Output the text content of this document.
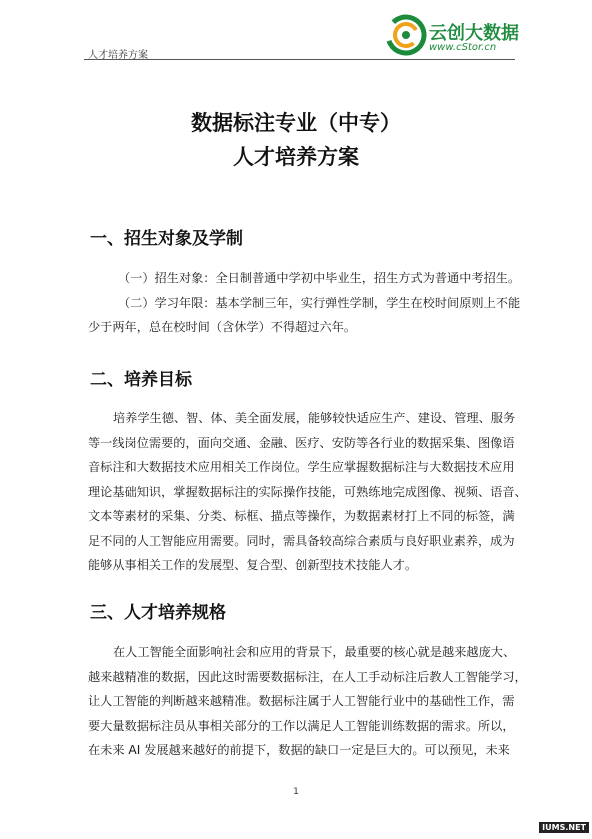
人才培养方案
云创大数据
www.cStor.cn
数据标注专业（中专）
人才培养方案
一、招生对象及学制
（一）招生对象：全日制普通中学初中毕业生，招生方式为普通中考招生。
（二）学习年限：基本学制三年，实行弹性学制，学生在校时间原则上不能
少于两年，总在校时间（含休学）不得超过六年。
二、培养目标
培养学生德、智、体、美全面发展，能够较快适应生产、建设、管理、服务
等一线岗位需要的，面向交通、金融、医疗、安防等各行业的数据采集、图像语
音标注和大数据技术应用相关工作岗位。学生应掌握数据标注与大数据技术应用
理论基础知识，掌握数据标注的实际操作技能，可熟练地完成图像、视频、语音、
文本等素材的采集、分类、标框、描点等操作，为数据素材打上不同的标签，满
足不同的人工智能应用需要。同时，需具备较高综合素质与良好职业素养，成为
能够从事相关工作的发展型、复合型、创新型技术技能人才。
三、人才培养规格
在人工智能全面影响社会和应用的背景下，最重要的核心就是越来越庞大、
越来越精准的数据，因此这时需要数据标注，在人工手动标注后教人工智能学习，
让人工智能的判断越来越精准。数据标注属于人工智能行业中的基础性工作，需
要大量数据标注员从事相关部分的工作以满足人工智能训练数据的需求。所以，
在未来 AI 发展越来越好的前提下，数据的缺口一定是巨大的。可以预见，未来
1
IUMS.NET
